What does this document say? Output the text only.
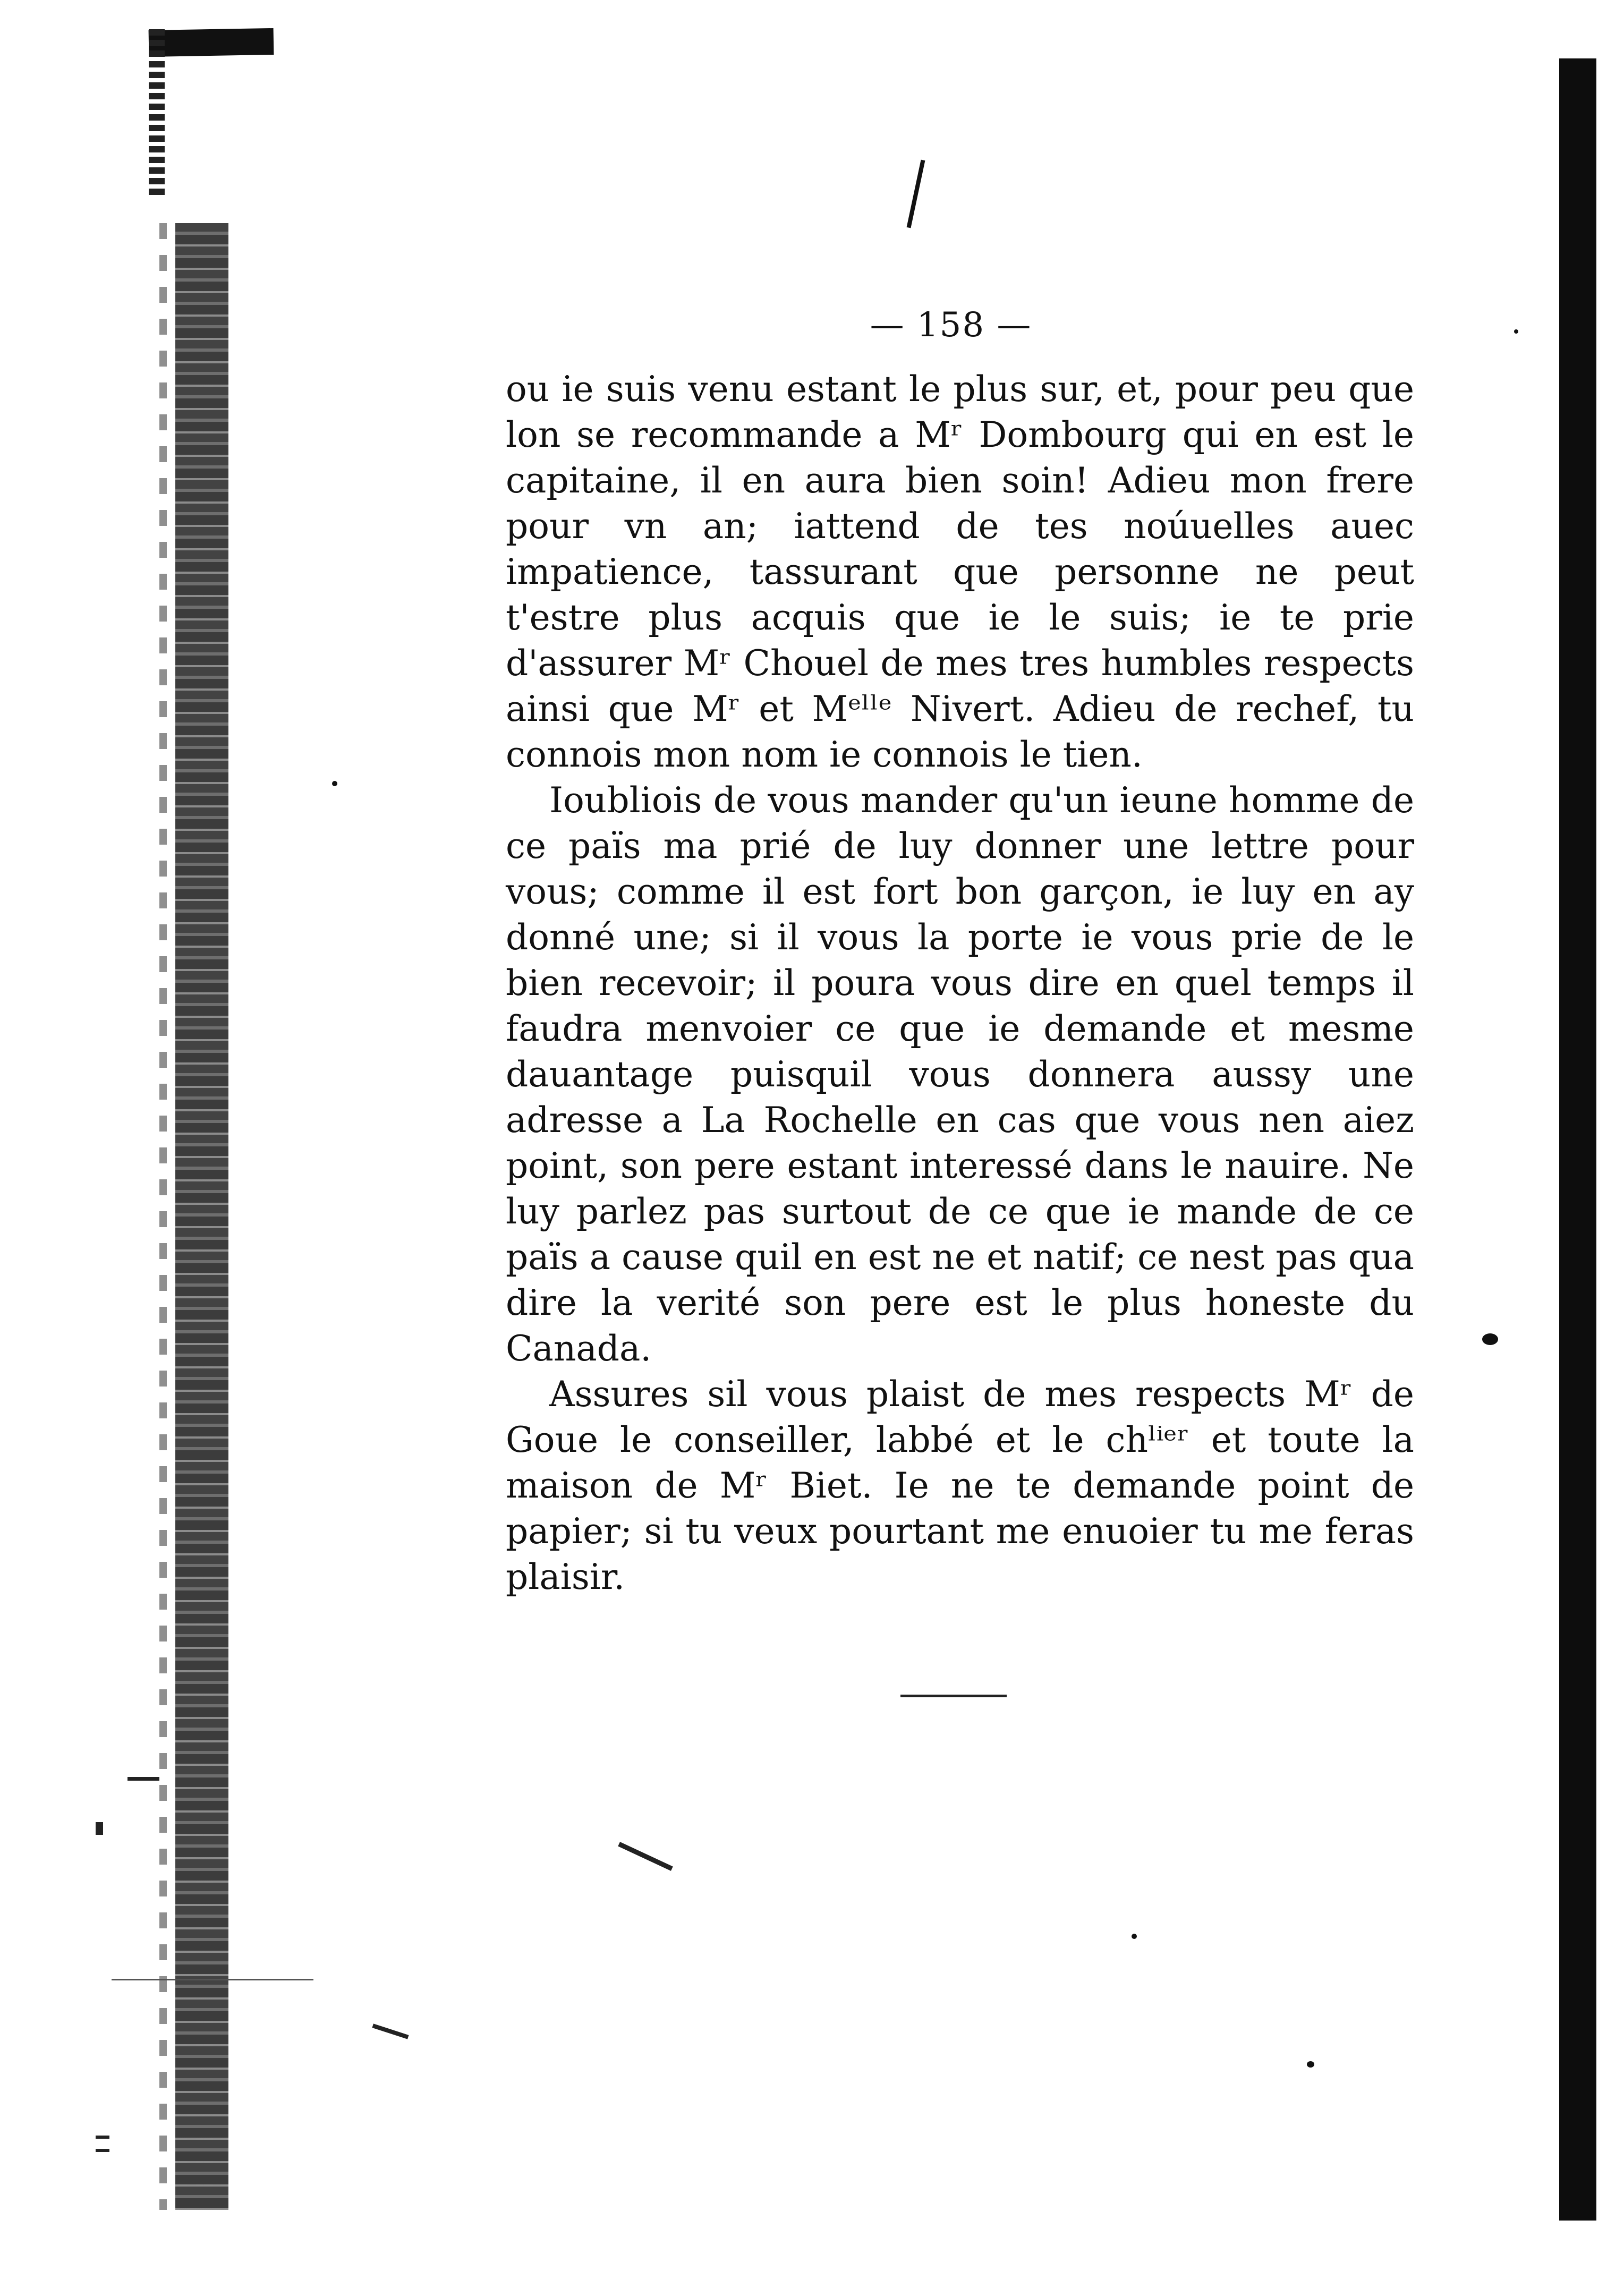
— 158 —

ou ie suis venu estant le plus sur, et, pour peu que lon se recommande a Mʳ Dombourg qui en est le capitaine, il en aura bien soin! Adieu mon frere pour vn an; iattend de tes noúuelles auec impatience, tassurant que personne ne peut t'estre plus acquis que ie le suis; ie te prie d'assurer Mʳ Chouel de mes tres humbles respects ainsi que Mʳ et Mᵉˡˡᵉ Nivert. Adieu de rechef, tu connois mon nom ie connois le tien.

Ioubliois de vous mander qu'un ieune homme de ce païs ma prié de luy donner une lettre pour vous; comme il est fort bon garçon, ie luy en ay donné une; si il vous la porte ie vous prie de le bien recevoir; il poura vous dire en quel temps il faudra menvoier ce que ie demande et mesme dauantage puisquil vous donnera aussy une adresse a La Rochelle en cas que vous nen aiez point, son pere estant interessé dans le nauire. Ne luy parlez pas surtout de ce que ie mande de ce païs a cause quil en est ne et natif; ce nest pas qua dire la verité son pere est le plus honeste du Canada.

Assures sil vous plaist de mes respects Mʳ de Goue le conseiller, labbé et le chˡⁱᵉʳ et toute la maison de Mʳ Biet. Ie ne te demande point de papier; si tu veux pourtant me enuoier tu me feras plaisir.
